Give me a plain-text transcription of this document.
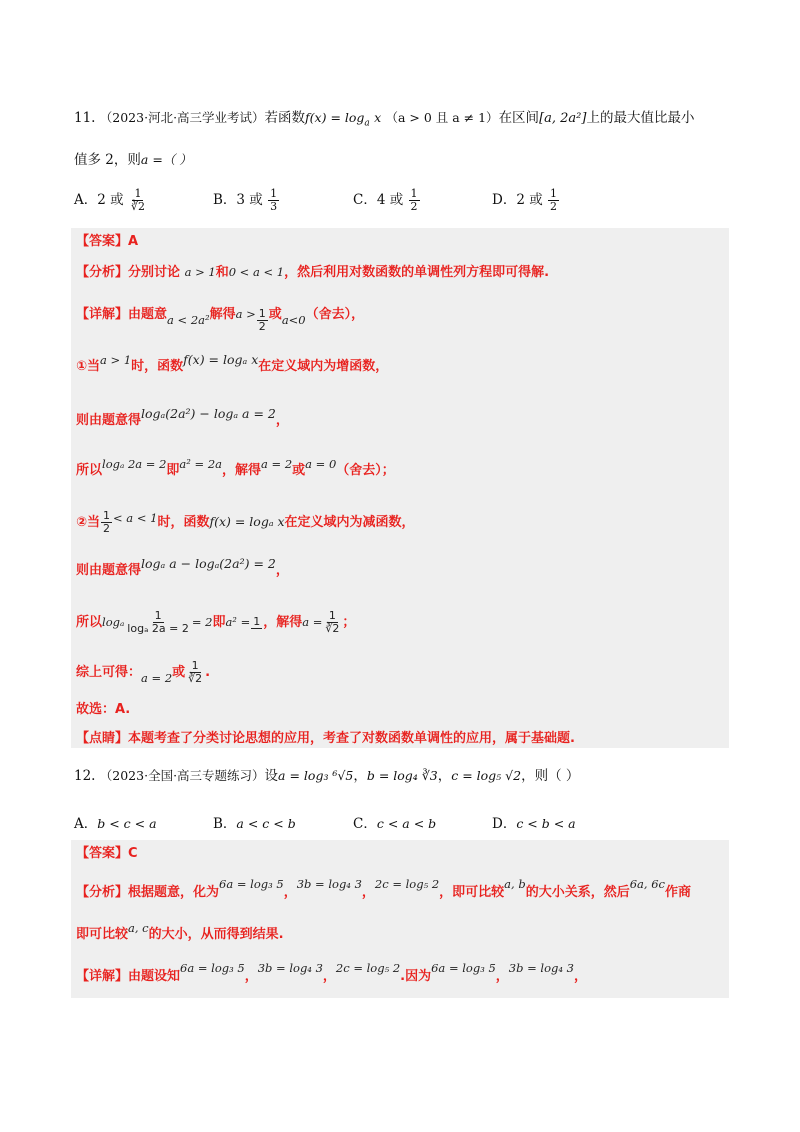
11. （2023·河北·高三学业考试）若函数$f(x) = \log_a x$ （a > 0 且 a ≠ 1）在区间[a, 2a²]上的最大值比最小
值多 2，则a =（ ）
A．2 或 $\frac{1}{∛2}$	B．3 或 $\frac{1}{3}$	C．4 或 $\frac{1}{2}$	D．2 或 $\frac{1}{2}$
【答案】A
【分析】分别讨论 a > 1和0 < a < 1，然后利用对数函数的单调性列方程即可得解.
【详解】由题意a < 2a²解得$a > \frac{1}{2}$ 或a<0（舍去），
①当a > 1时，函数f(x) = logₐ x在定义域内为增函数，
则由题意得logₐ(2a²) − logₐ a = 2，
所以logₐ 2a = 2即a² = 2a，解得a = 2或a = 0（舍去）；
②当 $\frac{1}{2} < a < 1$时，函数f(x) = logₐ x在定义域内为减函数，
则由题意得logₐ a − logₐ(2a²) = 2，
所以logₐ $\frac{1}{\text{logₐ 2a = 2}} = 2$即a² = 1 ，解得$a = \frac{1}{∛2}$ ；
综上可得：a = 2或 $\frac{1}{∛2}$ .
故选：A.
【点睛】本题考查了分类讨论思想的应用，考查了对数函数单调性的应用，属于基础题.
12. （2023·全国·高三专题练习）设a = log₃ ⁶√5，b = log₄ ∛3，c = log₅ √2，则（ ）
A．b < c < a	B．a < c < b	C．c < a < b	D．c < b < a
【答案】C
【分析】根据题意，化为6a = log₃ 5，3b = log₄ 3，2c = log₅ 2，即可比较a, b的大小关系，然后6a, 6c作商
即可比较a, c的大小，从而得到结果.
【详解】由题设知6a = log₃ 5，3b = log₄ 3，2c = log₅ 2.因为6a = log₃ 5，3b = log₄ 3，
